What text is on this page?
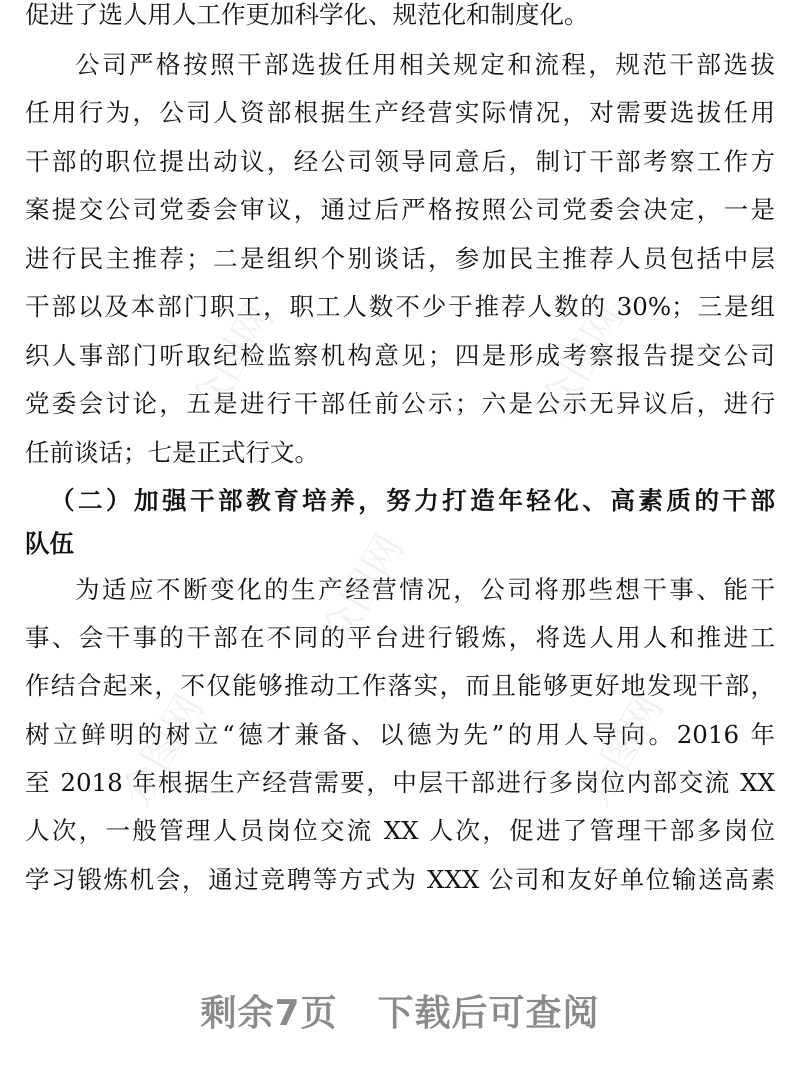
促进了选人用人工作更加科学化、规范化和制度化。
公司严格按照干部选拔任用相关规定和流程，规范干部选拔
任用行为，公司人资部根据生产经营实际情况，对需要选拔任用
干部的职位提出动议，经公司领导同意后，制订干部考察工作方
案提交公司党委会审议，通过后严格按照公司党委会决定，一是
进行民主推荐；二是组织个别谈话，参加民主推荐人员包括中层
干部以及本部门职工，职工人数不少于推荐人数的 30%；三是组
织人事部门听取纪检监察机构意见；四是形成考察报告提交公司
党委会讨论，五是进行干部任前公示；六是公示无异议后，进行
任前谈话；七是正式行文。
（二）加强干部教育培养，努力打造年轻化、高素质的干部
队伍
为适应不断变化的生产经营情况，公司将那些想干事、能干
事、会干事的干部在不同的平台进行锻炼，将选人用人和推进工
作结合起来，不仅能够推动工作落实，而且能够更好地发现干部，
树立鲜明的树立“德才兼备、以德为先”的用人导向。2016 年
至 2018 年根据生产经营需要，中层干部进行多岗位内部交流 XX
人次，一般管理人员岗位交流 XX 人次，促进了管理干部多岗位
学习锻炼机会，通过竞聘等方式为 XXX 公司和友好单位输送高素
众图网	众图网
众图网
众图网	众图网
剩余7页 下载后可查阅
